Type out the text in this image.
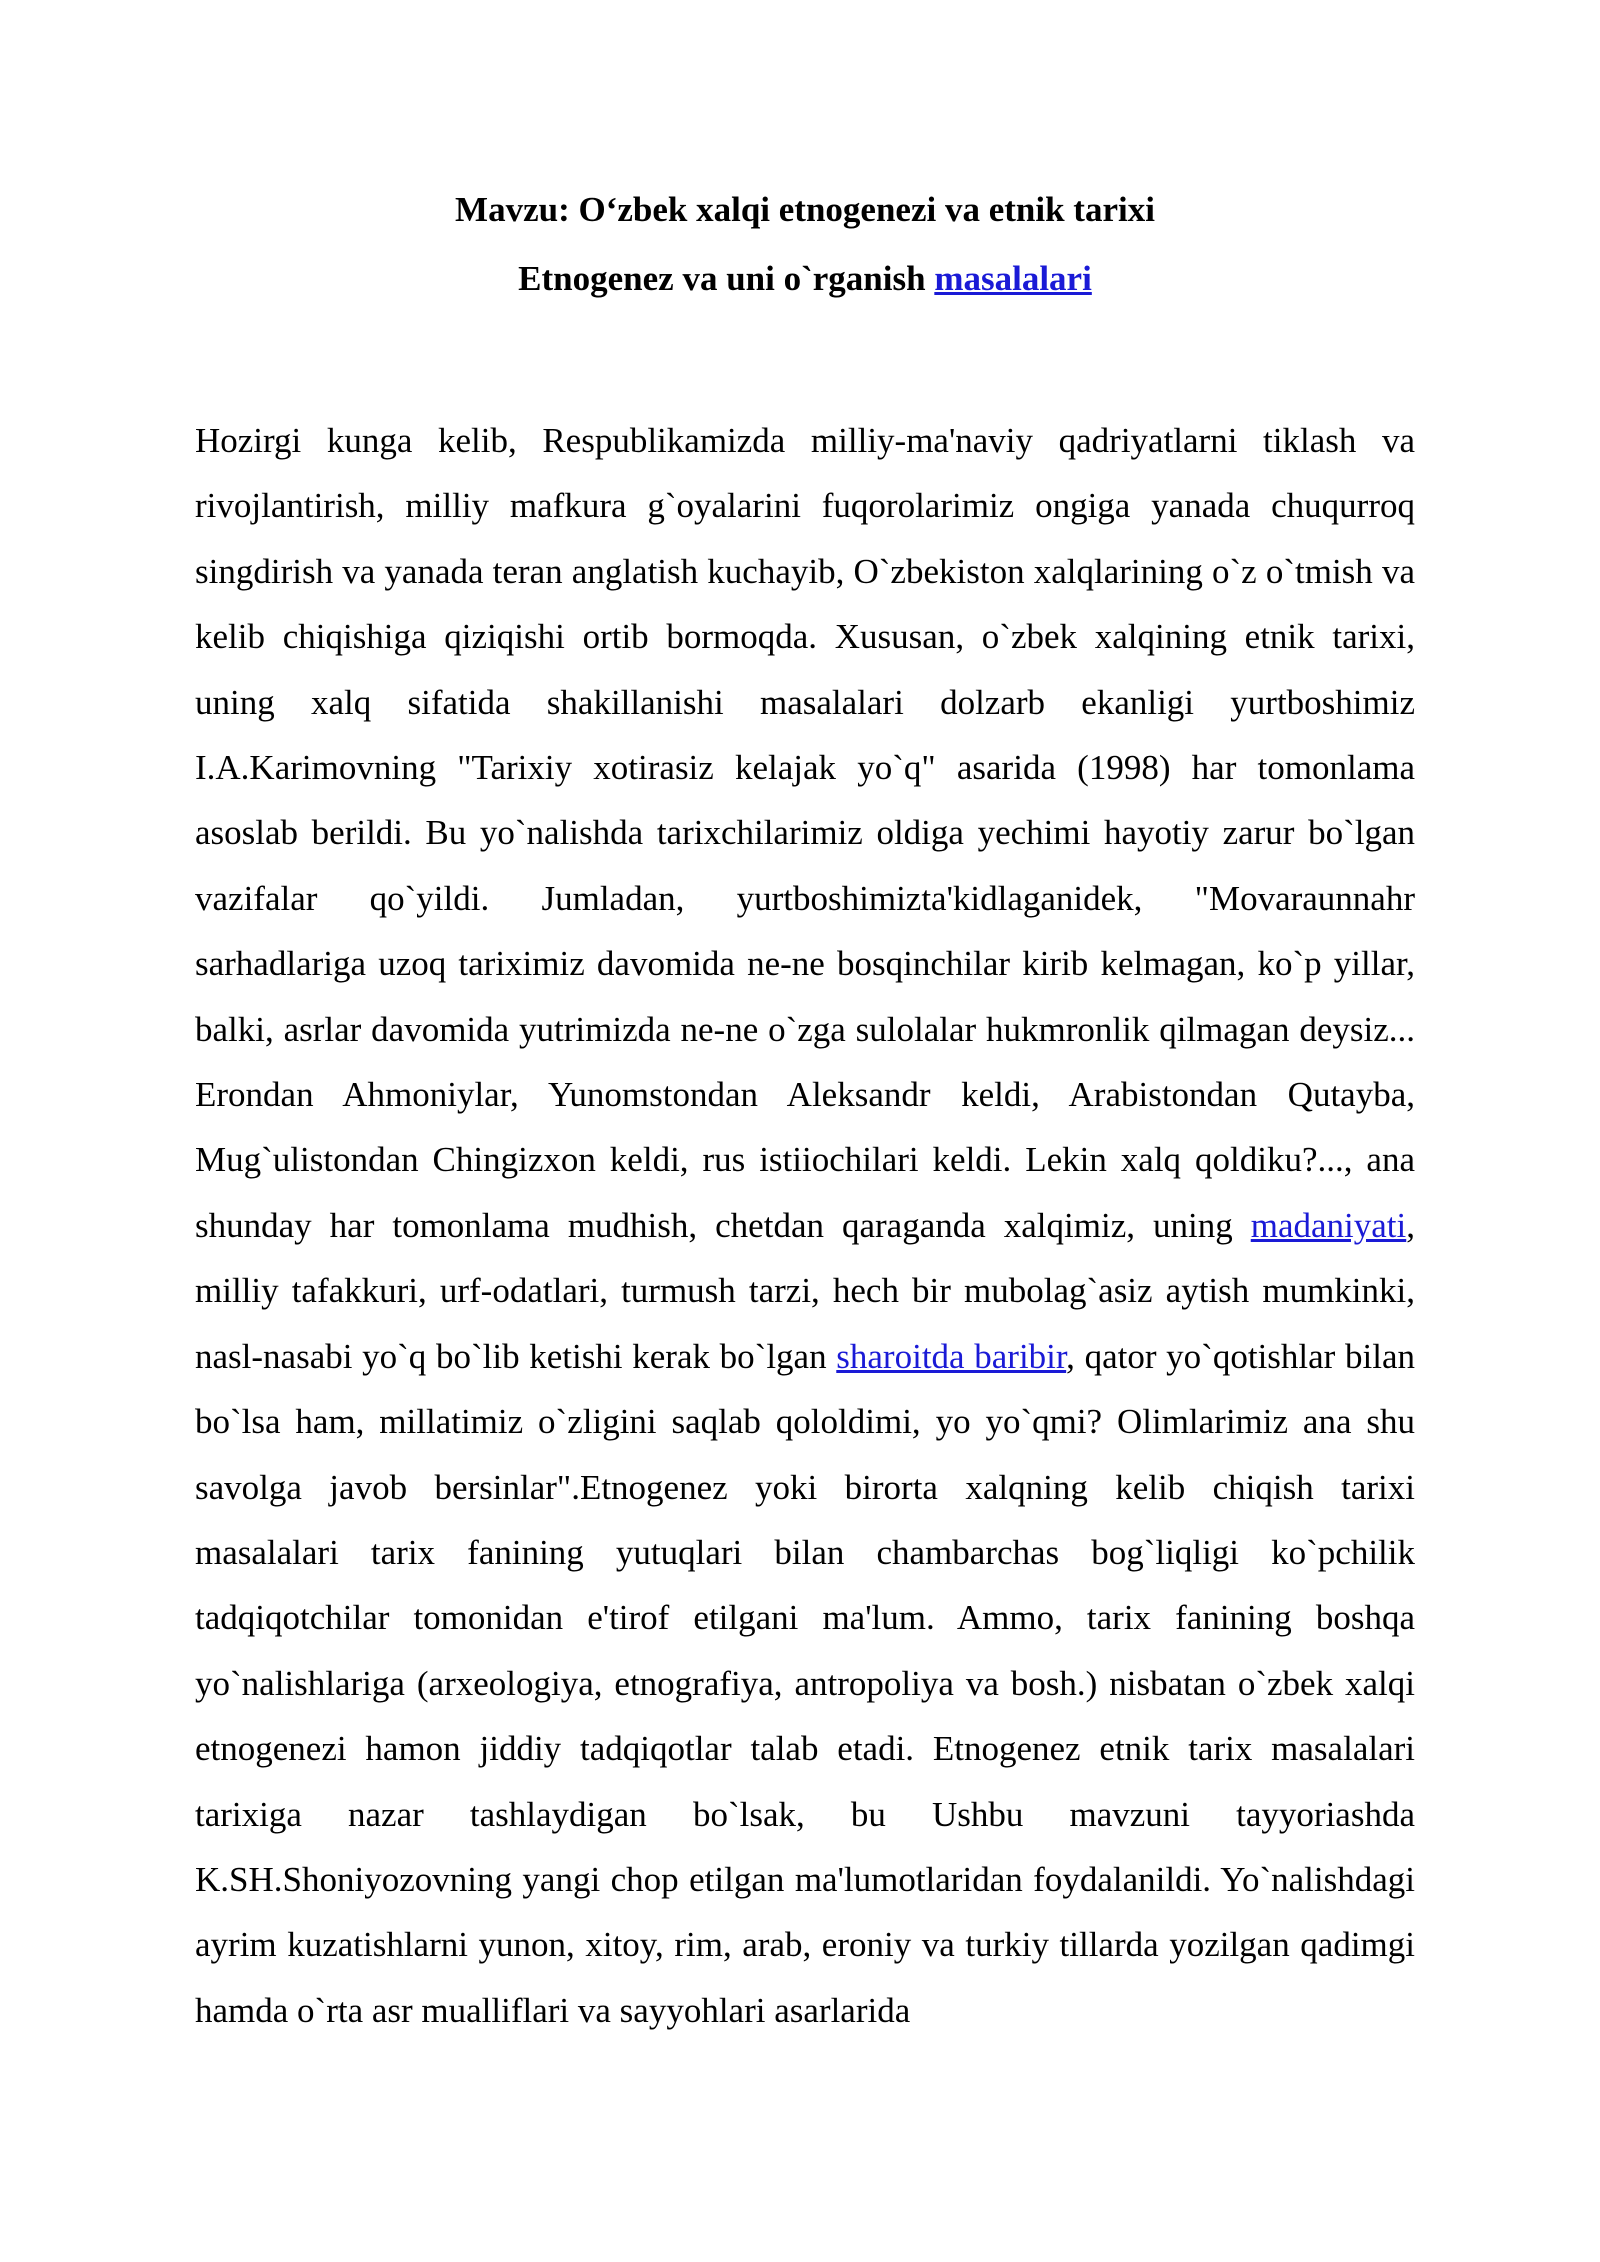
Mavzu: O‘zbek xalqi etnogenezi va etnik tarixi
Etnogenez va uni o`rganish masalalari

Hozirgi kunga kelib, Respublikamizda milliy-ma'naviy qadriyatlarni tiklash va rivojlantirish, milliy mafkura g`oyalarini fuqorolarimiz ongiga yanada chuqurroq singdirish va yanada teran anglatish kuchayib, O`zbekiston xalqlarining o`z o`tmish va kelib chiqishiga qiziqishi ortib bormoqda. Xususan, o`zbek xalqining etnik tarixi, uning xalq sifatida shakillanishi masalalari dolzarb ekanligi yurtboshimiz I.A.Karimovning "Tarixiy xotirasiz kelajak yo`q" asarida (1998) har tomonlama asoslab berildi. Bu yo`nalishda tarixchilarimiz oldiga yechimi hayotiy zarur bo`lgan vazifalar qo`yildi. Jumladan, yurtboshimizta'kidlaganidek, "Movaraunnahr sarhadlariga uzoq tariximiz davomida ne-ne bosqinchilar kirib kelmagan, ko`p yillar, balki, asrlar davomida yutrimizda ne-ne o`zga sulolalar hukmronlik qilmagan deysiz... Erondan Ahmoniylar, Yunomstondan Aleksandr keldi, Arabistondan Qutayba, Mug`ulistondan Chingizxon keldi, rus istiiochilari keldi. Lekin xalq qoldiku?..., ana shunday har tomonlama mudhish, chetdan qaraganda xalqimiz, uning madaniyati, milliy tafakkuri, urf-odatlari, turmush tarzi, hech bir mubolag`asiz aytish mumkinki, nasl-nasabi yo`q bo`lib ketishi kerak bo`lgan sharoitda baribir, qator yo`qotishlar bilan bo`lsa ham, millatimiz o`zligini saqlab qololdimi, yo yo`qmi? Olimlarimiz ana shu savolga javob bersinlar".Etnogenez yoki birorta xalqning kelib chiqish tarixi masalalari tarix fanining yutuqlari bilan chambarchas bog`liqligi ko`pchilik tadqiqotchilar tomonidan e'tirof etilgani ma'lum. Ammo, tarix fanining boshqa yo`nalishlariga (arxeologiya, etnografiya, antropoliya va bosh.) nisbatan o`zbek xalqi etnogenezi hamon jiddiy tadqiqotlar talab etadi. Etnogenez etnik tarix masalalari tarixiga nazar tashlaydigan bo`lsak, bu Ushbu mavzuni tayyoriashda K.SH.Shoniyozovning yangi chop etilgan ma'lumotlaridan foydalanildi. Yo`nalishdagi ayrim kuzatishlarni yunon, xitoy, rim, arab, eroniy va turkiy tillarda yozilgan qadimgi hamda o`rta asr mualliflari va sayyohlari asarlarida
